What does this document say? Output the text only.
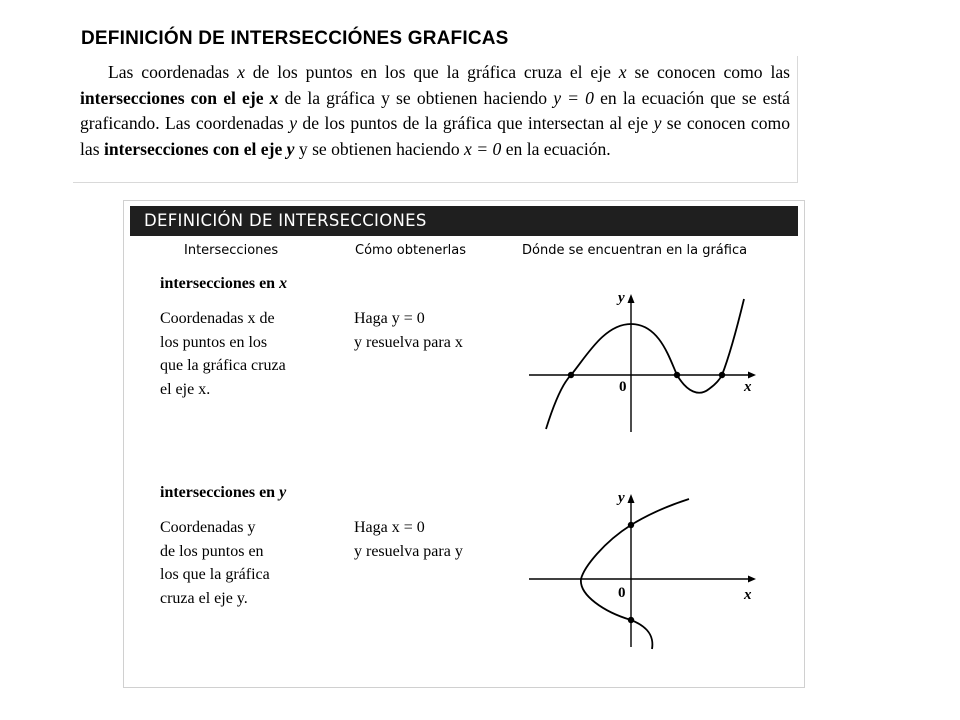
DEFINICIÓN DE INTERSECCIÓNES GRAFICAS

Las coordenadas x de los puntos en los que la gráfica cruza el eje x se conocen como las intersecciones con el eje x de la gráfica y se obtienen haciendo y = 0 en la ecuación que se está graficando. Las coordenadas y de los puntos de la gráfica que intersectan al eje y se conocen como las intersecciones con el eje y y se obtienen haciendo x = 0 en la ecuación.

DEFINICIÓN DE INTERSECCIONES
Intersecciones	Cómo obtenerlas	Dónde se encuentran en la gráfica
intersecciones en x

Coordenadas x de
los puntos en los
que la gráfica cruza
el eje x.

Haga y = 0
y resuelva para x

y
x
0
intersecciones en y

Coordenadas y
de los puntos en
los que la gráfica
cruza el eje y.

Haga x = 0
y resuelva para y

y
x
0
